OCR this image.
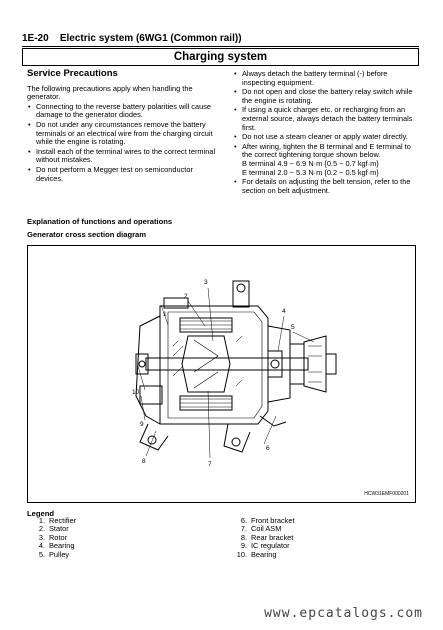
1E-20 Electric system (6WG1 (Common rail))
Charging system
Service Precautions
The following precautions apply when handling the generator.
• Connecting to the reverse battery polarities will cause damage to the generator diodes.
• Do not under any circumstances remove the battery terminals or an electrical wire from the charging circuit while the engine is rotating.
• Install each of the terminal wires to the correct terminal without mistakes.
• Do not perform a Megger test on semiconductor devices.
• Always detach the battery terminal (-) before inspecting equipment.
• Do not open and close the battery relay switch while the engine is rotating.
• If using a quick charger etc. or recharging from an external source, always detach the battery terminals first.
• Do not use a steam cleaner or apply water directly.
• After wiring, tighten the B terminal and E terminal to the correct tightening torque shown below.
B terminal 4.9 ~ 6.9 N·m {0.5 ~ 0.7 kgf·m}
E terminal 2.0 ~ 5.3 N·m {0.2 ~ 0.5 kgf·m}
• For details on adjusting the belt tension, refer to the section on belt adjustment.
Explanation of functions and operations
Generator cross section diagram
1
2
3
4
5
6
7
8
9
10
HCW31EMF000201
Legend
1. Rectifier
2. Stator
3. Rotor
4. Bearing
5. Pulley
6. Front bracket
7. Coil ASM
8. Rear bracket
9. IC regulator
10. Bearing
www.epcatalogs.com
